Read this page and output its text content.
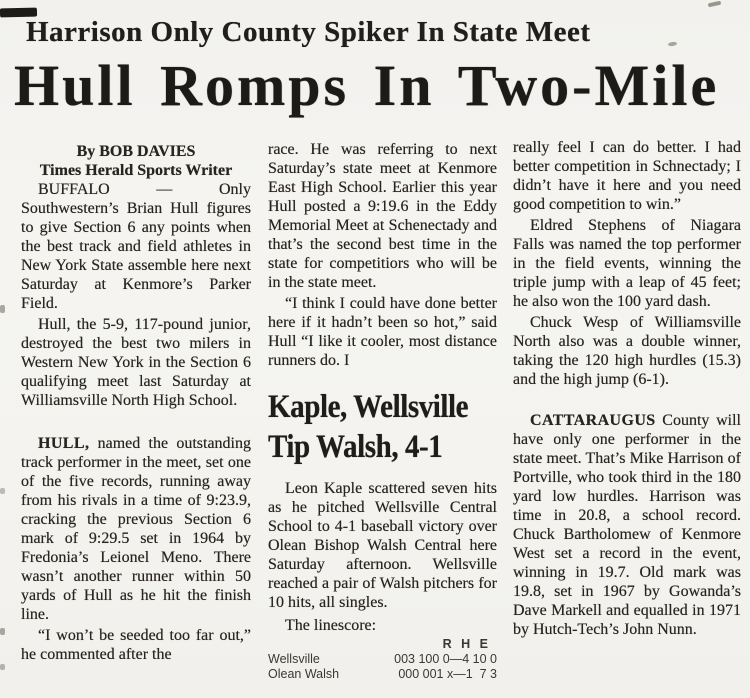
Harrison Only County Spiker In State Meet
Hull Romps In Two-Mile
By BOB DAVIES
Times Herald Sports Writer

BUFFALO — Only Southwestern’s Brian Hull figures to give Section 6 any points when the best track and field athletes in New York State assemble here next Saturday at Kenmore’s Parker Field.

Hull, the 5-9, 117-pound junior, destroyed the best two milers in Western New York in the Section 6 qualifying meet last Saturday at Williamsville North High School.

HULL, named the outstanding track performer in the meet, set one of the five records, running away from his rivals in a time of 9:23.9, cracking the previous Section 6 mark of 9:29.5 set in 1964 by Fredonia’s Leionel Meno. There wasn’t another runner within 50 yards of Hull as he hit the finish line.

“I won’t be seeded too far out,” he commented after the

race. He was referring to next Saturday’s state meet at Kenmore East High School. Earlier this year Hull posted a 9:19.6 in the Eddy Memorial Meet at Schenectady and that’s the second best time in the state for competitiors who will be in the state meet.

“I think I could have done better here if it hadn’t been so hot,” said Hull “I like it cooler, most distance runners do. I

Kaple, Wellsville
Tip Walsh, 4-1

Leon Kaple scattered seven hits as he pitched Wellsville Central School to 4-1 baseball victory over Olean Bishop Walsh Central here Saturday afternoon. Wellsville reached a pair of Walsh pitchers for 10 hits, all singles.

The linescore:

R H E
Wellsville	003 100 0—4 10 0
Olean Walsh	000 001 x—1  7 3

really feel I can do better. I had better competition in Schnectady; I didn’t have it here and you need good competition to win.”

Eldred Stephens of Niagara Falls was named the top performer in the field events, winning the triple jump with a leap of 45 feet; he also won the 100 yard dash.

Chuck Wesp of Williamsville North also was a double winner, taking the 120 high hurdles (15.3) and the high jump (6-1).

CATTARAUGUS County will have only one performer in the state meet. That’s Mike Harrison of Portville, who took third in the 180 yard low hurdles. Harrison was time in 20.8, a school record. Chuck Bartholomew of Kenmore West set a record in the event, winning in 19.7. Old mark was 19.8, set in 1967 by Gowanda’s Dave Markell and equalled in 1971 by Hutch-Tech’s John Nunn.
